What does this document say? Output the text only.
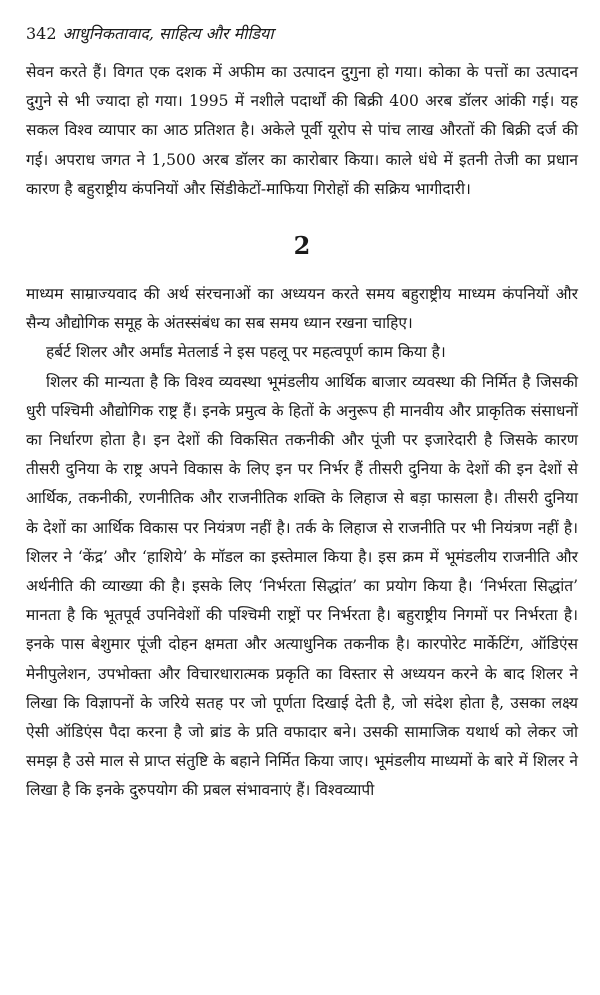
342 आधुनिकतावाद, साहित्य और मीडिया

सेवन करते हैं। विगत एक दशक में अफीम का उत्पादन दुगुना हो गया। कोका के पत्तों का उत्पादन दुगुने से भी ज्यादा हो गया। 1995 में नशीले पदार्थों की बिक्री 400 अरब डॉलर आंकी गई। यह सकल विश्व व्यापार का आठ प्रतिशत है। अकेले पूर्वी यूरोप से पांच लाख औरतों की बिक्री दर्ज की गई। अपराध जगत ने 1,500 अरब डॉलर का कारोबार किया। काले धंधे में इतनी तेजी का प्रधान कारण है बहुराष्ट्रीय कंपनियों और सिंडीकेटों-माफिया गिरोहों की सक्रिय भागीदारी।

2

माध्यम साम्राज्यवाद की अर्थ संरचनाओं का अध्ययन करते समय बहुराष्ट्रीय माध्यम कंपनियों और सैन्य औद्योगिक समूह के अंतस्संबंध का सब समय ध्यान रखना चाहिए।

हर्बर्ट शिलर और अर्मांड मेतलार्ड ने इस पहलू पर महत्वपूर्ण काम किया है।

शिलर की मान्यता है कि विश्व व्यवस्था भूमंडलीय आर्थिक बाजार व्यवस्था की निर्मित है जिसकी धुरी पश्चिमी औद्योगिक राष्ट्र हैं। इनके प्रमुत्व के हितों के अनुरूप ही मानवीय और प्राकृतिक संसाधनों का निर्धारण होता है। इन देशों की विकसित तकनीकी और पूंजी पर इजारेदारी है जिसके कारण तीसरी दुनिया के राष्ट्र अपने विकास के लिए इन पर निर्भर हैं तीसरी दुनिया के देशों की इन देशों से आर्थिक, तकनीकी, रणनीतिक और राजनीतिक शक्ति के लिहाज से बड़ा फासला है। तीसरी दुनिया के देशों का आर्थिक विकास पर नियंत्रण नहीं है। तर्क के लिहाज से राजनीति पर भी नियंत्रण नहीं है। शिलर ने ‘केंद्र’ और ‘हाशिये’ के मॉडल का इस्तेमाल किया है। इस क्रम में भूमंडलीय राजनीति और अर्थनीति की व्याख्या की है। इसके लिए ‘निर्भरता सिद्धांत’ का प्रयोग किया है। ‘निर्भरता सिद्धांत’ मानता है कि भूतपूर्व उपनिवेशों की पश्चिमी राष्ट्रों पर निर्भरता है। बहुराष्ट्रीय निगमों पर निर्भरता है। इनके पास बेशुमार पूंजी दोहन क्षमता और अत्याधुनिक तकनीक है। कारपोरेट मार्केटिंग, ऑडिएंस मेनीपुलेशन, उपभोक्ता और विचारधारात्मक प्रकृति का विस्तार से अध्ययन करने के बाद शिलर ने लिखा कि विज्ञापनों के जरिये सतह पर जो पूर्णता दिखाई देती है, जो संदेश होता है, उसका लक्ष्य ऐसी ऑडिएंस पैदा करना है जो ब्रांड के प्रति वफादार बने। उसकी सामाजिक यथार्थ को लेकर जो समझ है उसे माल से प्राप्त संतुष्टि के बहाने निर्मित किया जाए। भूमंडलीय माध्यमों के बारे में शिलर ने लिखा है कि इनके दुरुपयोग की प्रबल संभावनाएं हैं। विश्वव्यापी
